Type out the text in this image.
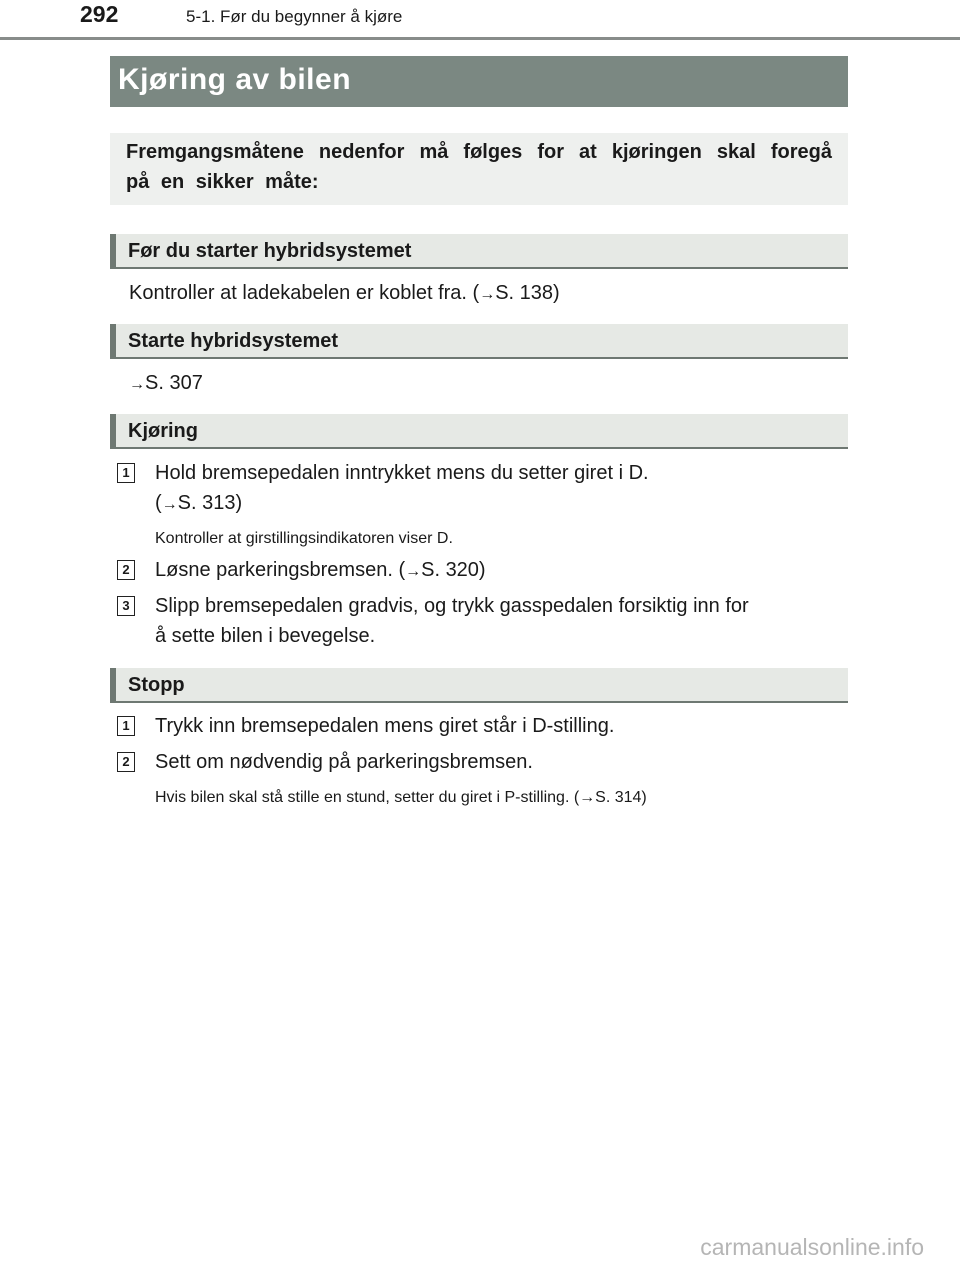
292	5-1. Før du begynner å kjøre
Kjøring av bilen
Fremgangsmåtene nedenfor må følges for at kjøringen skal foregå på en sikker måte:
Før du starter hybridsystemet
Kontroller at ladekabelen er koblet fra. (→S. 138)
Starte hybridsystemet
→S. 307
Kjøring
1 Hold bremsepedalen inntrykket mens du setter giret i D.
(→S. 313)
Kontroller at girstillingsindikatoren viser D.
2 Løsne parkeringsbremsen. (→S. 320)
3 Slipp bremsepedalen gradvis, og trykk gasspedalen forsiktig inn for
å sette bilen i bevegelse.
Stopp
1 Trykk inn bremsepedalen mens giret står i D-stilling.
2 Sett om nødvendig på parkeringsbremsen.
Hvis bilen skal stå stille en stund, setter du giret i P-stilling. (→S. 314)
carmanualsonline.info
